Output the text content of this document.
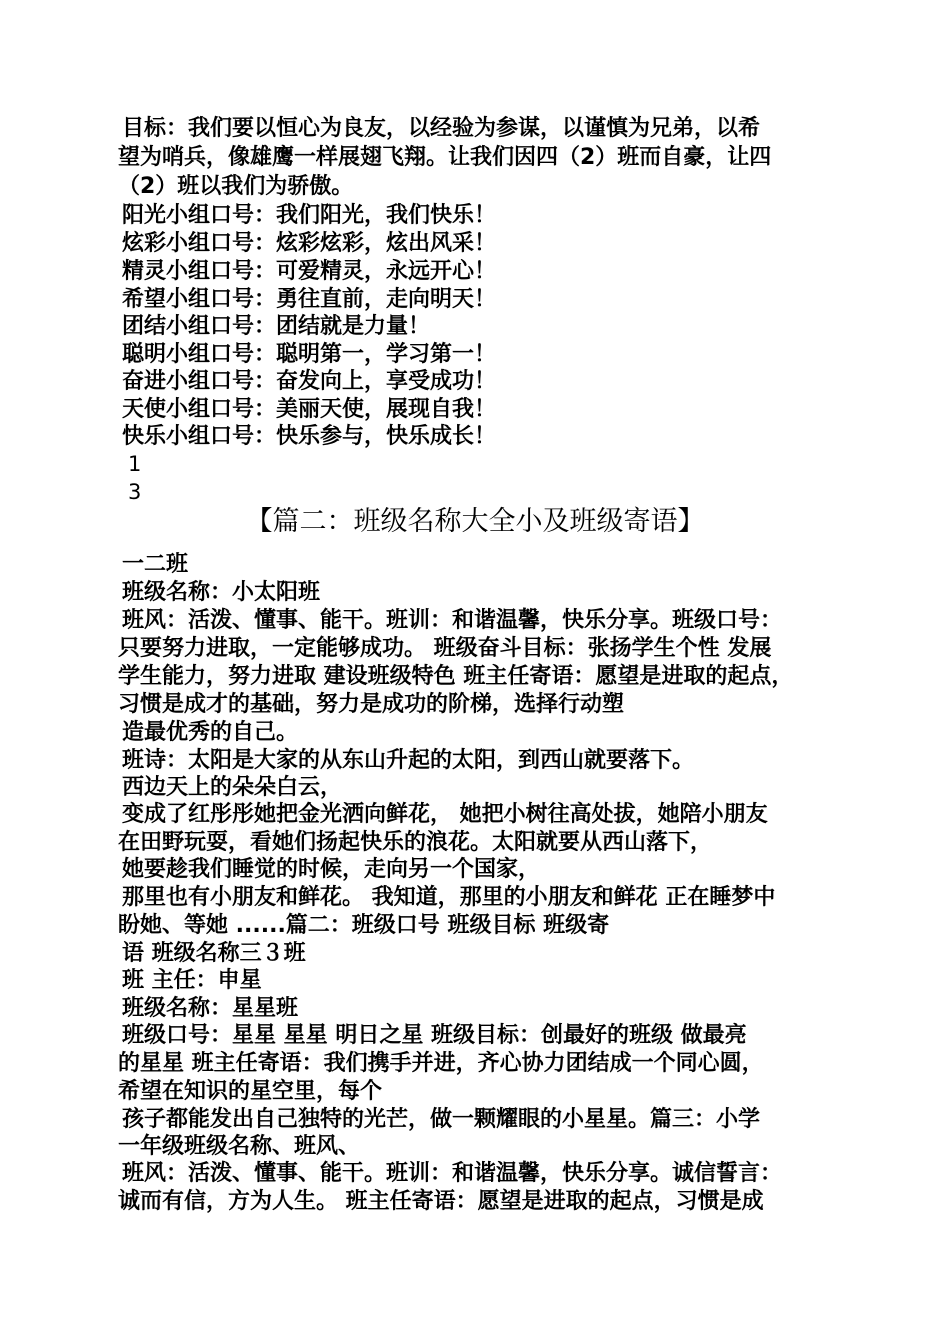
目标：我们要以恒心为良友，以经验为参谋，以谨慎为兄弟，以希
望为哨兵，像雄鹰一样展翅飞翔。让我们因四（2）班而自豪，让四
（2）班以我们为骄傲。
阳光小组口号：我们阳光，我们快乐！
炫彩小组口号：炫彩炫彩，炫出风采！
精灵小组口号：可爱精灵，永远开心！
希望小组口号：勇往直前，走向明天！
团结小组口号：团结就是力量！
聪明小组口号：聪明第一，学习第一！
奋进小组口号：奋发向上，享受成功！
天使小组口号：美丽天使，展现自我！
快乐小组口号：快乐参与，快乐成长！
1
3
【篇二：班级名称大全小及班级寄语】
一二班
班级名称：小太阳班
班风：活泼、懂事、能干。班训：和谐温馨，快乐分享。班级口号：
只要努力进取，一定能够成功。 班级奋斗目标：张扬学生个性 发展
学生能力，努力进取 建设班级特色 班主任寄语：愿望是进取的起点，
习惯是成才的基础，努力是成功的阶梯，选择行动塑
造最优秀的自己。
班诗：太阳是大家的从东山升起的太阳，到西山就要落下。
西边天上的朵朵白云，
变成了红彤彤她把金光洒向鲜花， 她把小树往高处拔，她陪小朋友
在田野玩耍，看她们扬起快乐的浪花。太阳就要从西山落下，
她要趁我们睡觉的时候，走向另一个国家，
那里也有小朋友和鲜花。 我知道，那里的小朋友和鲜花 正在睡梦中
盼她、等她 ......篇二：班级口号 班级目标 班级寄
语 班级名称三３班
班 主任：申星
班级名称：星星班
班级口号：星星 星星 明日之星 班级目标：创最好的班级 做最亮
的星星 班主任寄语：我们携手并进，齐心协力团结成一个同心圆，
希望在知识的星空里，每个
孩子都能发出自己独特的光芒，做一颗耀眼的小星星。篇三：小学
一年级班级名称、班风、
班风：活泼、懂事、能干。班训：和谐温馨，快乐分享。诚信誓言：
诚而有信，方为人生。 班主任寄语：愿望是进取的起点，习惯是成
